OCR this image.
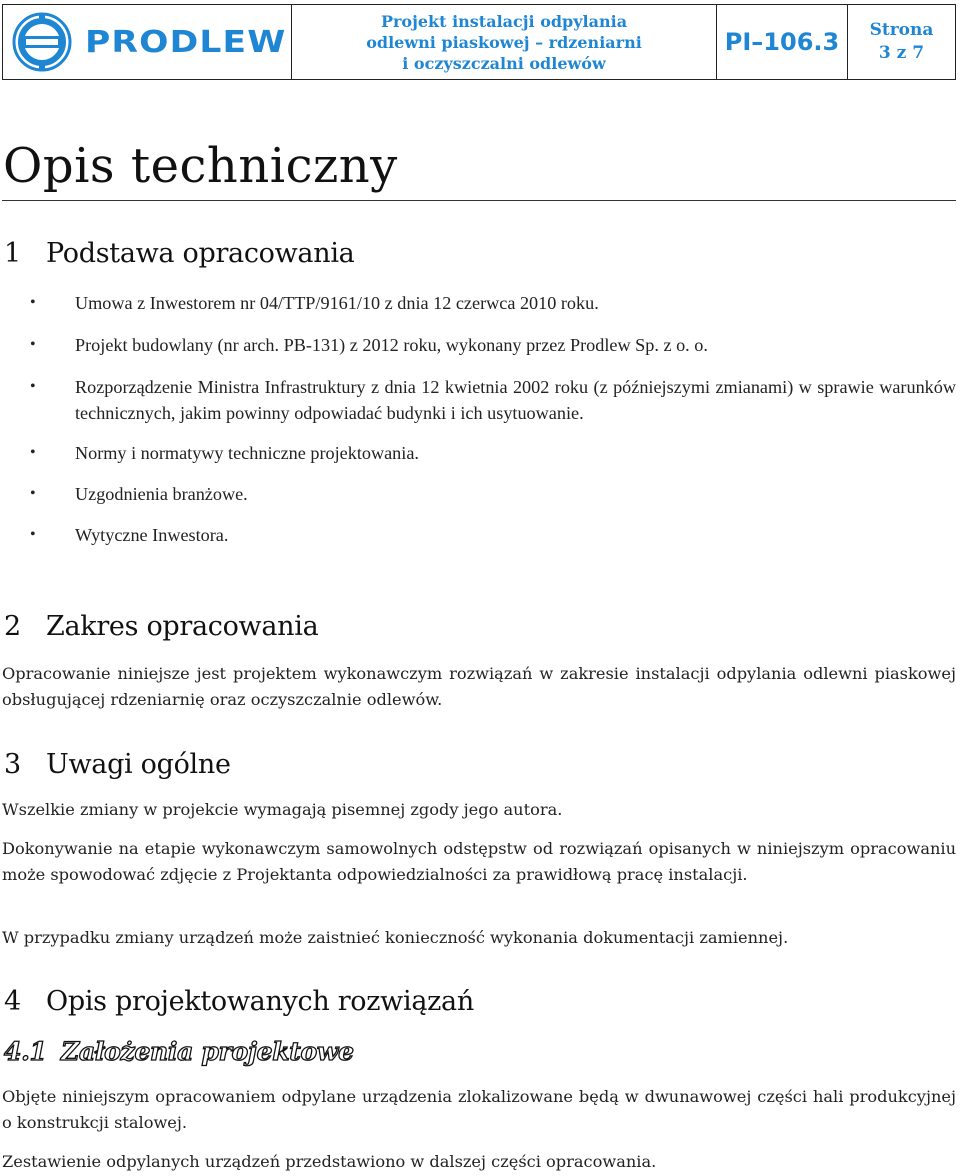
PRODLEW
Projekt instalacji odpylania
odlewni piaskowej – rdzeniarni
i oczyszczalni odlewów
PI–106.3	Strona
3 z 7
Opis techniczny
1 Podstawa opracowania
• Umowa z Inwestorem nr 04/TTP/9161/10 z dnia 12 czerwca 2010 roku.
• Projekt budowlany (nr arch. PB-131) z 2012 roku, wykonany przez Prodlew Sp. z o. o.
• Rozporządzenie Ministra Infrastruktury z dnia 12 kwietnia 2002 roku (z późniejszymi zmianami) w sprawie warunków technicznych, jakim powinny odpowiadać budynki i ich usytuowanie.
• Normy i normatywy techniczne projektowania.
• Uzgodnienia branżowe.
• Wytyczne Inwestora.
2 Zakres opracowania

Opracowanie niniejsze jest projektem wykonawczym rozwiązań w zakresie instalacji odpylania odlewni piaskowej obsługującej rdzeniarnię oraz oczyszczalnie odlewów.

3 Uwagi ogólne

Wszelkie zmiany w projekcie wymagają pisemnej zgody jego autora.

Dokonywanie na etapie wykonawczym samowolnych odstępstw od rozwiązań opisanych w niniejszym opracowaniu może spowodować zdjęcie z Projektanta odpowiedzialności za prawidłową pracę instalacji.

W przypadku zmiany urządzeń może zaistnieć konieczność wykonania dokumentacji zamiennej.

4 Opis projektowanych rozwiązań
4.1 Założenia projektowe

Objęte niniejszym opracowaniem odpylane urządzenia zlokalizowane będą w dwunawowej części hali produkcyjnej o konstrukcji stalowej.

Zestawienie odpylanych urządzeń przedstawiono w dalszej części opracowania.
